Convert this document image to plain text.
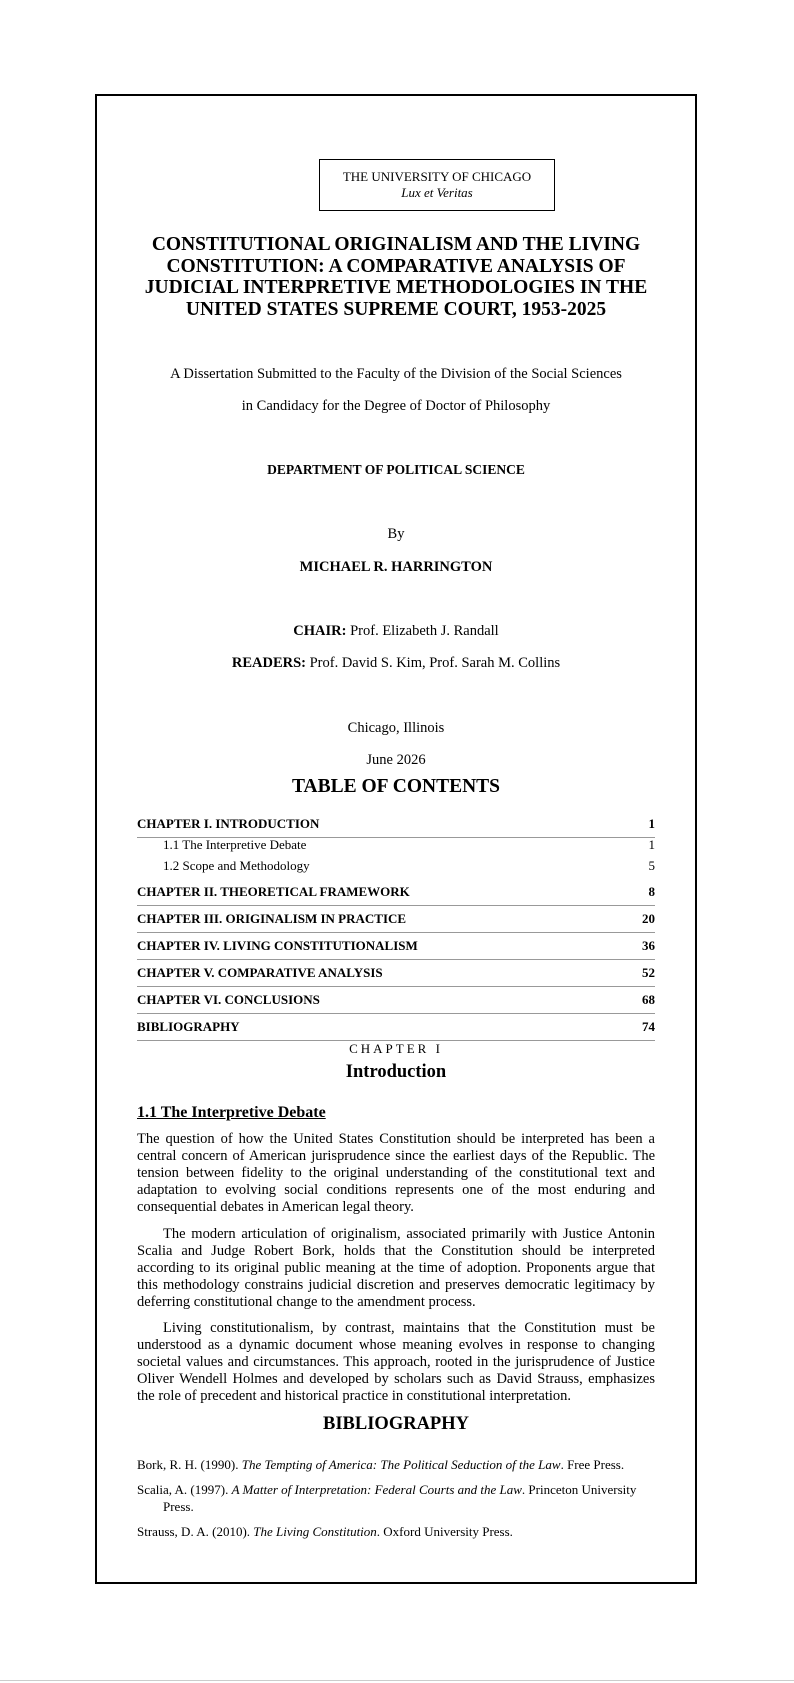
THE UNIVERSITY OF CHICAGO
Lux et Veritas
CONSTITUTIONAL ORIGINALISM AND THE LIVING
CONSTITUTION: A COMPARATIVE ANALYSIS OF
JUDICIAL INTERPRETIVE METHODOLOGIES IN THE
UNITED STATES SUPREME COURT, 1953-2025
A Dissertation Submitted to the Faculty of the Division of the Social Sciences
in Candidacy for the Degree of Doctor of Philosophy
DEPARTMENT OF POLITICAL SCIENCE
By
MICHAEL R. HARRINGTON
CHAIR: Prof. Elizabeth J. Randall
READERS: Prof. David S. Kim, Prof. Sarah M. Collins
Chicago, Illinois
June 2026
TABLE OF CONTENTS
CHAPTER I. INTRODUCTION	1
1.1 The Interpretive Debate	1
1.2 Scope and Methodology	5
CHAPTER II. THEORETICAL FRAMEWORK	8
CHAPTER III. ORIGINALISM IN PRACTICE	20
CHAPTER IV. LIVING CONSTITUTIONALISM	36
CHAPTER V. COMPARATIVE ANALYSIS	52
CHAPTER VI. CONCLUSIONS	68
BIBLIOGRAPHY	74
CHAPTER I
Introduction
1.1 The Interpretive Debate
The question of how the United States Constitution should be interpreted has been a central concern of American jurisprudence since the earliest days of the Republic. The tension between fidelity to the original understanding of the constitutional text and adaptation to evolving social conditions represents one of the most enduring and consequential debates in American legal theory.
The modern articulation of originalism, associated primarily with Justice Antonin Scalia and Judge Robert Bork, holds that the Constitution should be interpreted according to its original public meaning at the time of adoption. Proponents argue that this methodology constrains judicial discretion and preserves democratic legitimacy by deferring constitutional change to the amendment process.
Living constitutionalism, by contrast, maintains that the Constitution must be understood as a dynamic document whose meaning evolves in response to changing societal values and circumstances. This approach, rooted in the jurisprudence of Justice Oliver Wendell Holmes and developed by scholars such as David Strauss, emphasizes the role of precedent and historical practice in constitutional interpretation.
BIBLIOGRAPHY
Bork, R. H. (1990). The Tempting of America: The Political Seduction of the Law. Free Press.
Scalia, A. (1997). A Matter of Interpretation: Federal Courts and the Law. Princeton University Press.
Strauss, D. A. (2010). The Living Constitution. Oxford University Press.
